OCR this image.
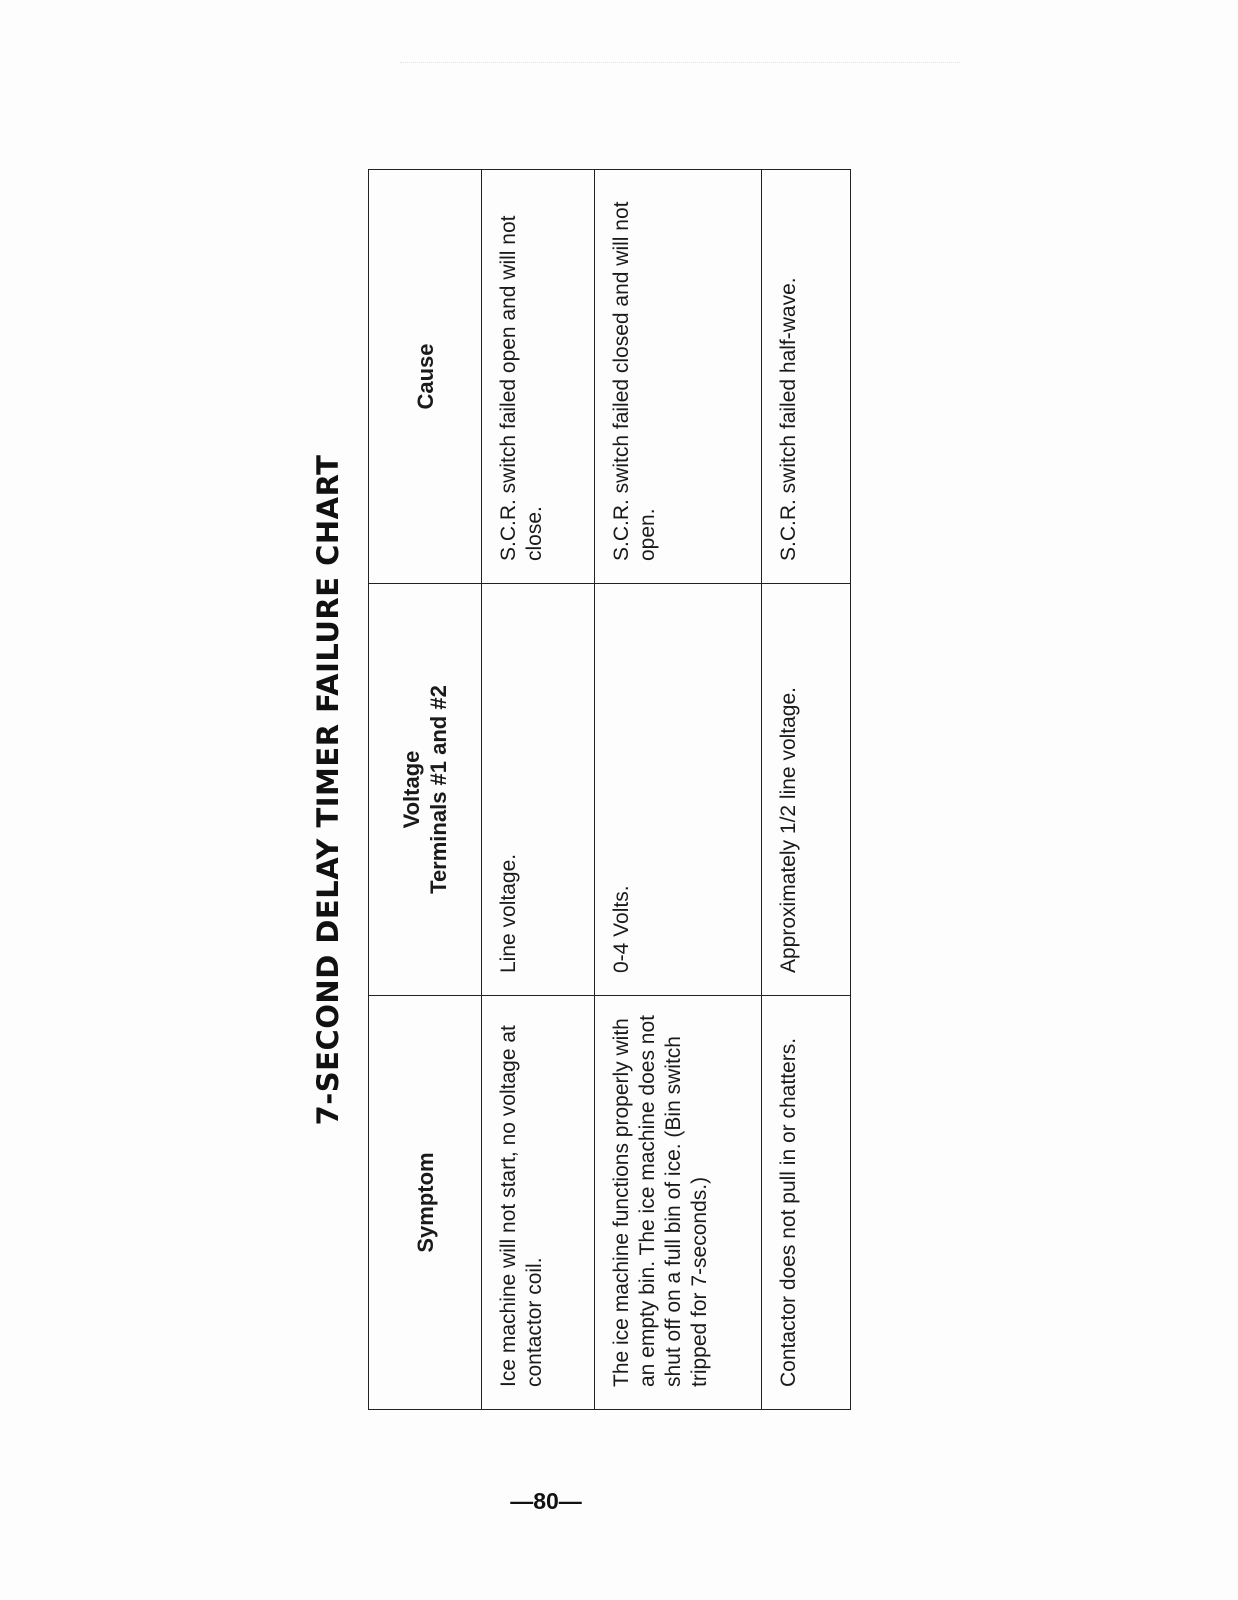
7-SECOND DELAY TIMER FAILURE CHART
Symptom	Voltage Terminals #1 and #2	Cause
Ice machine will not start, no voltage at contactor coil.	Line voltage.	S.C.R. switch failed open and will not close.
The ice machine functions properly with an empty bin. The ice machine does not shut off on a full bin of ice. (Bin switch tripped for 7-seconds.)	0-4 Volts.	S.C.R. switch failed closed and will not open.
Contactor does not pull in or chatters.	Approximately 1/2 line voltage.	S.C.R. switch failed half-wave.
—80—
